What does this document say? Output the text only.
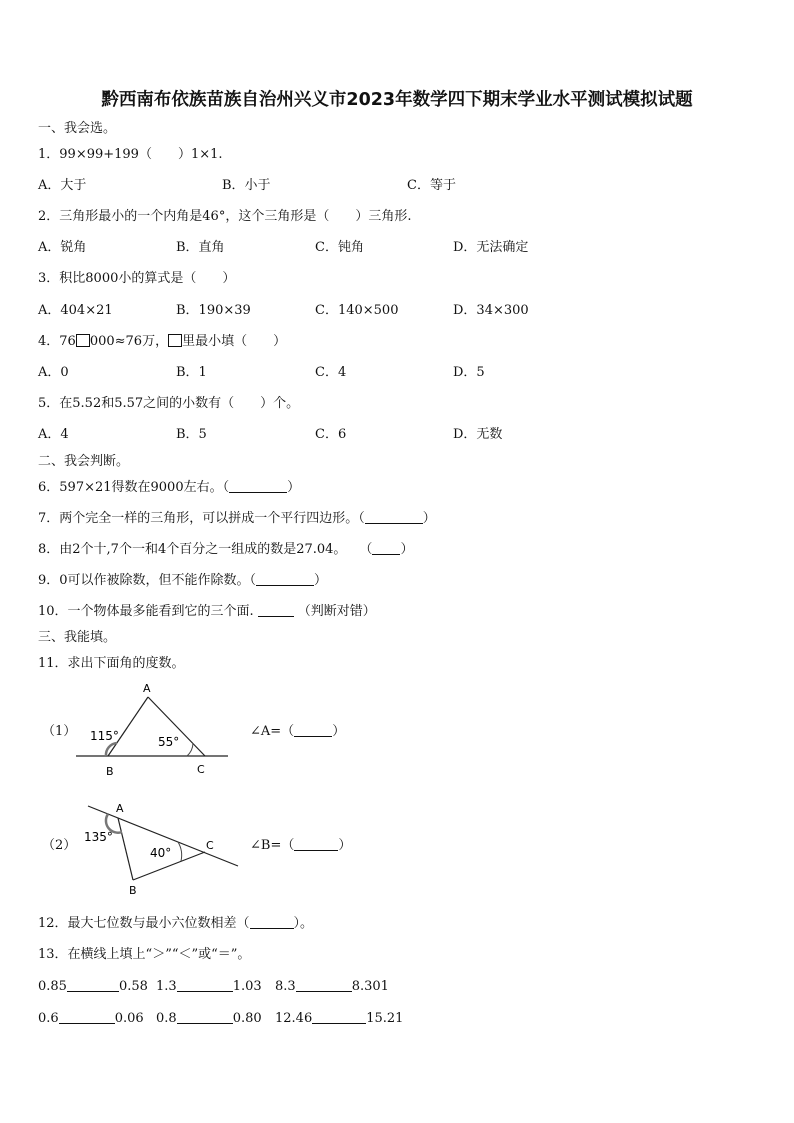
黔西南布依族苗族自治州兴义市2023年数学四下期末学业水平测试模拟试题
一、我会选。
1．99×99+199（　　）1×1.
A．大于	B．小于	C．等于
2．三角形最小的一个内角是46°，这个三角形是（　　）三角形.
A．锐角	B．直角	C．钝角	D．无法确定
3．积比8000小的算式是（　　）
A．404×21	B．190×39	C．140×500	D．34×300
4．76 000≈76万， 里最小填（　　）
A．0	B．1	C．4	D．5
5．在5.52和5.57之间的小数有（　　）个。
A．4	B．5	C．6	D．无数
二、我会判断。
6．597×21得数在9000左右。（	）
7．两个完全一样的三角形，可以拼成一个平行四边形。（	）
8．由2个十,7个一和4个百分之一组成的数是27.04。　　（ ）
9．0可以作被除数，但不能作除数。（	）
10．一个物体最多能看到它的三个面.	（判断对错）
三、我能填。
11．求出下面角的度数。
A
B	C
115°	55°
A
B
C
135°
40°
（1）	∠A=（	）
（2）	∠B=（	）
12．最大七位数与最小六位数相差（	）。
13．在横线上填上“＞”“＜”或“＝”。
0.85	0.58 1.3	1.03 8.3	8.301
0.6	0.06 0.8	0.80 12.46	15.21
